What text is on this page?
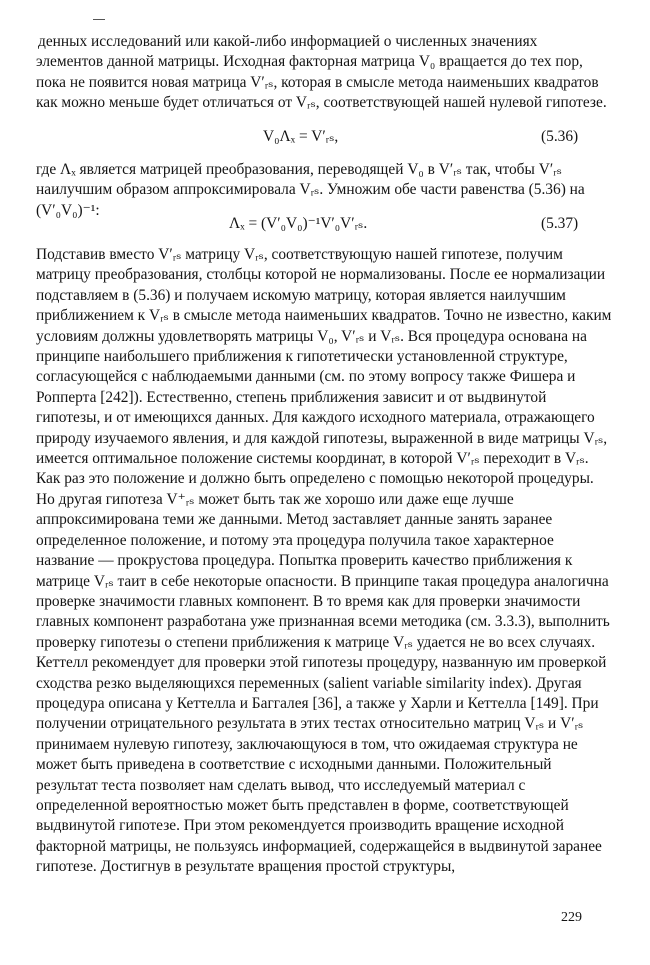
денных исследований или какой-либо информацией о численных значениях элементов данной матрицы. Исходная факторная матрица V₀ вращается до тех пор, пока не появится новая матрица V′ᵣₛ, которая в смысле метода наименьших квадратов как можно меньше будет отличаться от Vᵣₛ, соответствующей нашей нулевой гипотезе.
V₀Λₓ = V′ᵣₛ,	(5.36)
где Λₓ является матрицей преобразования, переводящей V₀ в V′ᵣₛ так, чтобы V′ᵣₛ наилучшим образом аппроксимировала Vᵣₛ. Умножим обе части равенства (5.36) на (V′₀V₀)⁻¹:
Λₓ = (V′₀V₀)⁻¹V′₀V′ᵣₛ.	(5.37)
Подставив вместо V′ᵣₛ матрицу Vᵣₛ, соответствующую нашей гипотезе, получим матрицу преобразования, столбцы которой не нормализованы. После ее нормализации подставляем в (5.36) и получаем искомую матрицу, которая является наилучшим приближением к Vᵣₛ в смысле метода наименьших квадратов. Точно не известно, каким условиям должны удовлетворять матрицы V₀, V′ᵣₛ и Vᵣₛ. Вся процедура основана на принципе наибольшего приближения к гипотетически установленной структуре, согласующейся с наблюдаемыми данными (см. по этому вопросу также Фишера и Ропперта [242]). Естественно, степень приближения зависит и от выдвинутой гипотезы, и от имеющихся данных. Для каждого исходного материала, отражающего природу изучаемого явления, и для каждой гипотезы, выраженной в виде матрицы Vᵣₛ, имеется оптимальное положение системы координат, в которой V′ᵣₛ переходит в Vᵣₛ. Как раз это положение и должно быть определено с помощью некоторой процедуры. Но другая гипотеза V⁺ᵣₛ может быть так же хорошо или даже еще лучше аппроксимирована теми же данными. Метод заставляет данные занять заранее определенное положение, и потому эта процедура получила такое характерное название — прокрустова процедура. Попытка проверить качество приближения к матрице Vᵣₛ таит в себе некоторые опасности. В принципе такая процедура аналогична проверке значимости главных компонент. В то время как для проверки значимости главных компонент разработана уже признанная всеми методика (см. 3.3.3), выполнить проверку гипотезы о степени приближения к матрице Vᵣₛ удается не во всех случаях. Кеттелл рекомендует для проверки этой гипотезы процедуру, названную им проверкой сходства резко выделяющихся переменных (salient variable similarity index). Другая процедура описана у Кеттелла и Баггалея [36], а также у Харли и Кеттелла [149]. При получении отрицательного результата в этих тестах относительно матриц Vᵣₛ и V′ᵣₛ принимаем нулевую гипотезу, заключающуюся в том, что ожидаемая структура не может быть приведена в соответствие с исходными данными. Положительный результат теста позволяет нам сделать вывод, что исследуемый материал с определенной вероятностью может быть представлен в форме, соответствующей выдвинутой гипотезе. При этом рекомендуется производить вращение исходной факторной матрицы, не пользуясь информацией, содержащейся в выдвинутой заранее гипотезе. Достигнув в результате вращения простой структуры,
229
